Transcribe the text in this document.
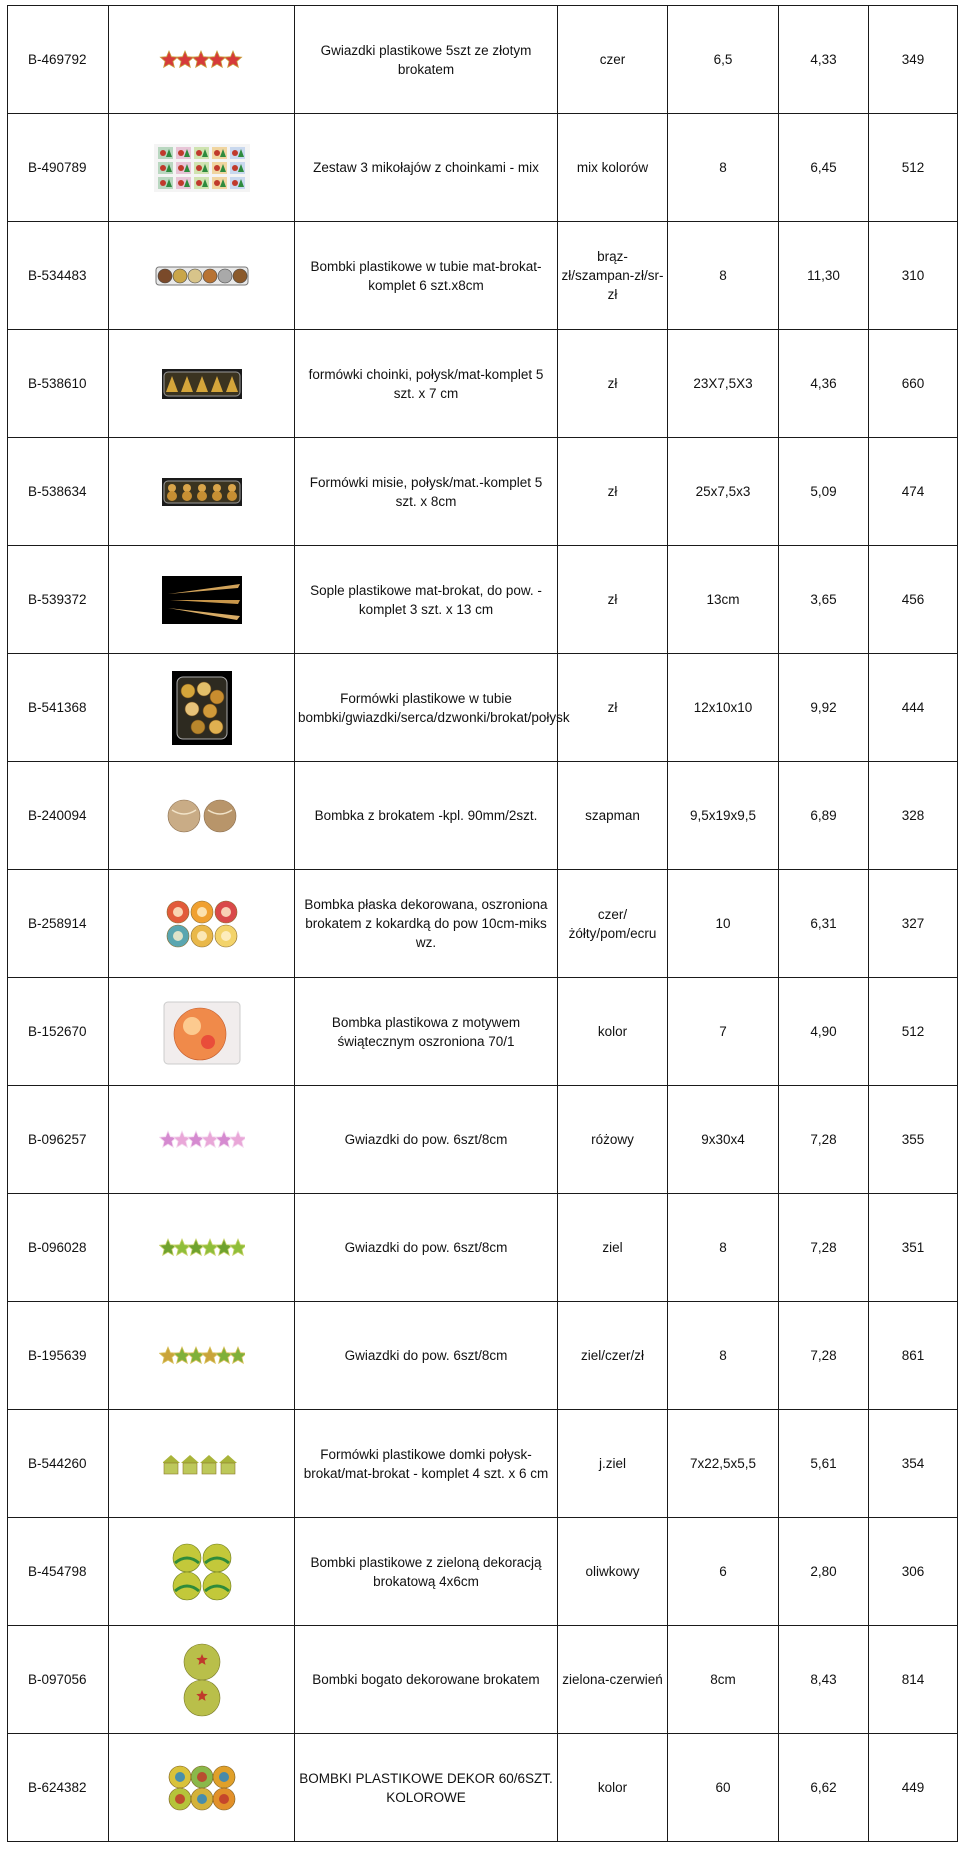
B-469792		Gwiazdki plastikowe 5szt ze złotym brokatem	czer	6,5	4,33	349
B-490789		Zestaw 3 mikołajów z choinkami - mix	mix kolorów	8	6,45	512
B-534483		Bombki plastikowe w tubie mat-brokat-komplet 6 szt.x8cm	brąz-zł/szampan-zł/sr-zł	8	11,30	310
B-538610		formówki choinki, połysk/mat-komplet 5 szt. x 7 cm	zł	23X7,5X3	4,36	660
B-538634		Formówki misie, połysk/mat.-komplet 5 szt. x 8cm	zł	25x7,5x3	5,09	474
B-539372		Sople plastikowe mat-brokat, do pow. - komplet 3 szt. x 13 cm	zł	13cm	3,65	456
B-541368		Formówki plastikowe w tubie bombki/gwiazdki/serca/dzwonki/brokat/połysk	zł	12x10x10	9,92	444
B-240094		Bombka z brokatem -kpl. 90mm/2szt.	szapman	9,5x19x9,5	6,89	328
B-258914		Bombka płaska dekorowana, oszroniona brokatem z kokardką do pow 10cm-miks wz.	czer/żółty/pom/ecru	10	6,31	327
B-152670		Bombka plastikowa z motywem świątecznym oszroniona 70/1	kolor	7	4,90	512
B-096257		Gwiazdki do pow. 6szt/8cm	różowy	9x30x4	7,28	355
B-096028		Gwiazdki do pow. 6szt/8cm	ziel	8	7,28	351
B-195639		Gwiazdki do pow. 6szt/8cm	ziel/czer/zł	8	7,28	861
B-544260		Formówki plastikowe domki połysk-brokat/mat-brokat - komplet 4 szt. x 6 cm	j.ziel	7x22,5x5,5	5,61	354
B-454798		Bombki plastikowe z zieloną dekoracją brokatową 4x6cm	oliwkowy	6	2,80	306
B-097056		Bombki bogato dekorowane brokatem	zielona-czerwień	8cm	8,43	814
B-624382		BOMBKI PLASTIKOWE DEKOR 60/6SZT. KOLOROWE	kolor	60	6,62	449
